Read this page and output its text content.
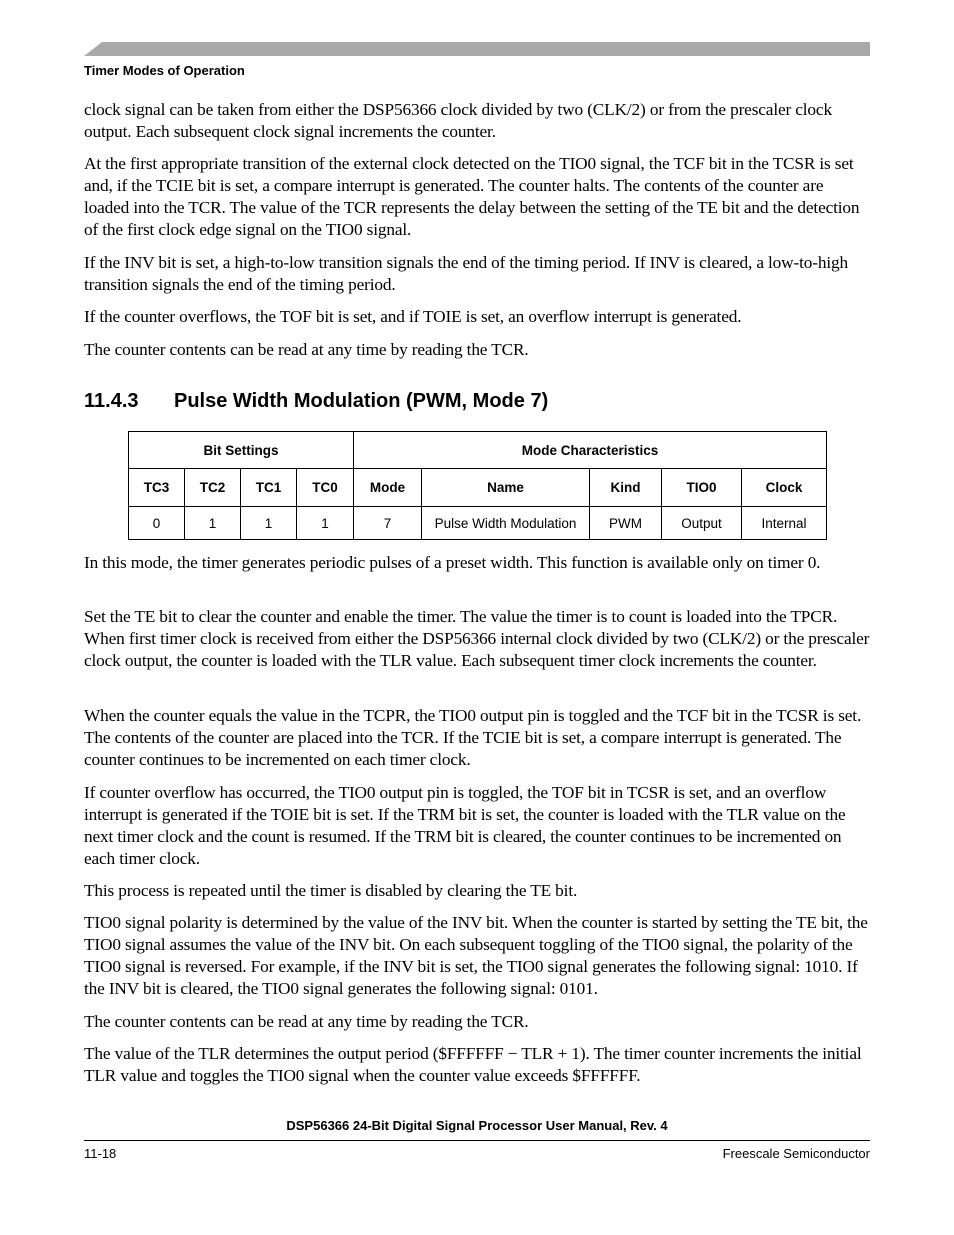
Timer Modes of Operation

clock signal can be taken from either the DSP56366 clock divided by two (CLK/2) or from the prescaler clock output. Each subsequent clock signal increments the counter.

At the first appropriate transition of the external clock detected on the TIO0 signal, the TCF bit in the TCSR is set and, if the TCIE bit is set, a compare interrupt is generated. The counter halts. The contents of the counter are loaded into the TCR. The value of the TCR represents the delay between the setting of the TE bit and the detection of the first clock edge signal on the TIO0 signal.

If the INV bit is set, a high-to-low transition signals the end of the timing period. If INV is cleared, a low-to-high transition signals the end of the timing period.

If the counter overflows, the TOF bit is set, and if TOIE is set, an overflow interrupt is generated.

The counter contents can be read at any time by reading the TCR.

11.4.3 Pulse Width Modulation (PWM, Mode 7)
Bit Settings				Mode Characteristics				
TC3	TC2	TC1	TC0	Mode	Name	Kind	TIO0	Clock
0	1	1	1	7	Pulse Width Modulation	PWM	Output	Internal

In this mode, the timer generates periodic pulses of a preset width. This function is available only on timer 0.

Set the TE bit to clear the counter and enable the timer. The value the timer is to count is loaded into the TPCR. When first timer clock is received from either the DSP56366 internal clock divided by two (CLK/2) or the prescaler clock output, the counter is loaded with the TLR value. Each subsequent timer clock increments the counter.

When the counter equals the value in the TCPR, the TIO0 output pin is toggled and the TCF bit in the TCSR is set. The contents of the counter are placed into the TCR. If the TCIE bit is set, a compare interrupt is generated. The counter continues to be incremented on each timer clock.

If counter overflow has occurred, the TIO0 output pin is toggled, the TOF bit in TCSR is set, and an overflow interrupt is generated if the TOIE bit is set. If the TRM bit is set, the counter is loaded with the TLR value on the next timer clock and the count is resumed. If the TRM bit is cleared, the counter continues to be incremented on each timer clock.

This process is repeated until the timer is disabled by clearing the TE bit.

TIO0 signal polarity is determined by the value of the INV bit. When the counter is started by setting the TE bit, the TIO0 signal assumes the value of the INV bit. On each subsequent toggling of the TIO0 signal, the polarity of the TIO0 signal is reversed. For example, if the INV bit is set, the TIO0 signal generates the following signal: 1010. If the INV bit is cleared, the TIO0 signal generates the following signal: 0101.

The counter contents can be read at any time by reading the TCR.

The value of the TLR determines the output period ($FFFFFF − TLR + 1). The timer counter increments the initial TLR value and toggles the TIO0 signal when the counter value exceeds $FFFFFF.

DSP56366 24-Bit Digital Signal Processor User Manual, Rev. 4
11-18	Freescale Semiconductor
